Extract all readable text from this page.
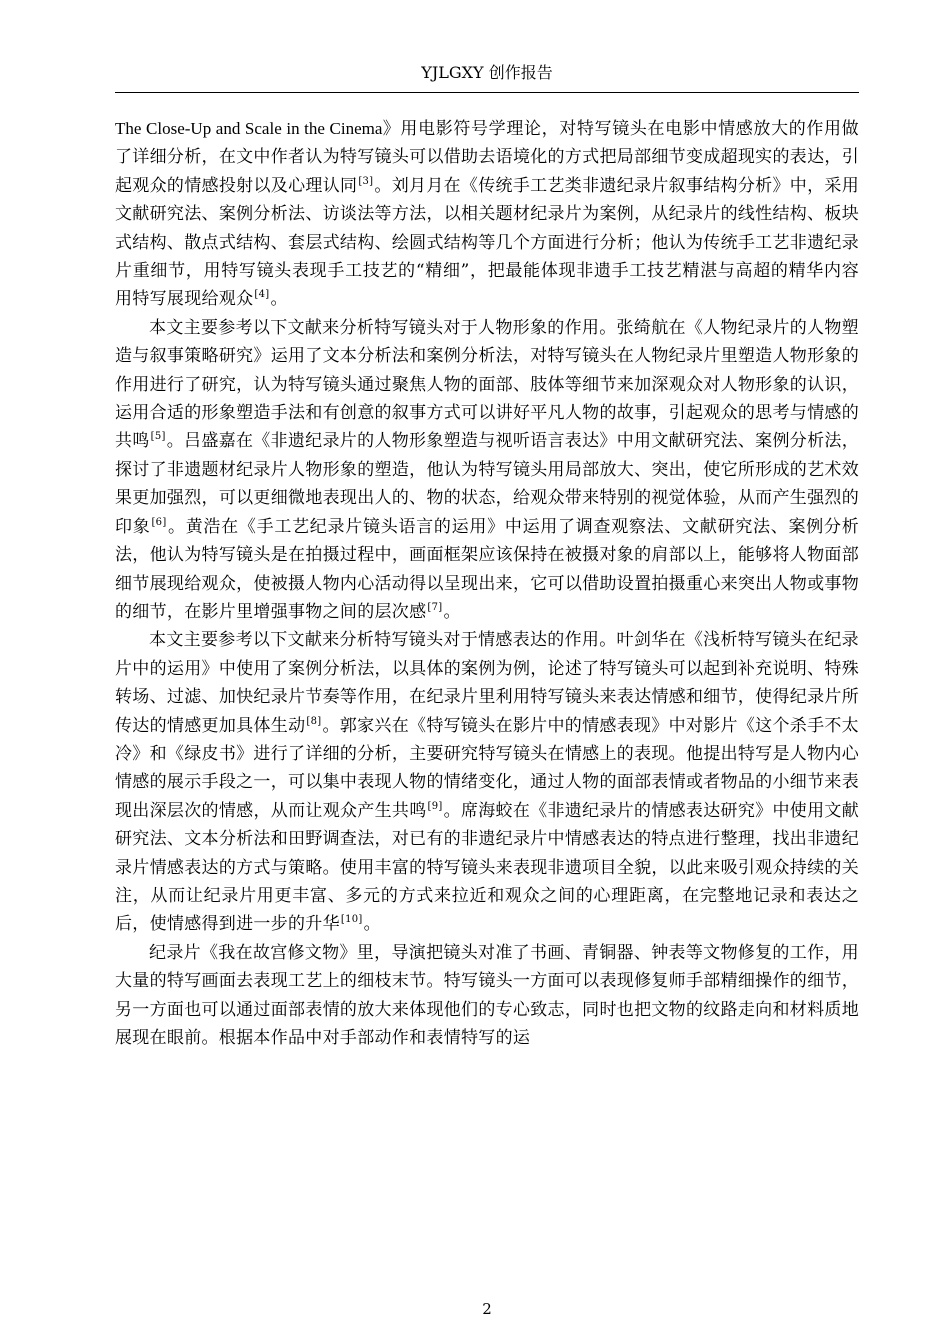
YJLGXY 创作报告

The Close-Up and Scale in the Cinema》用电影符号学理论，对特写镜头在电影中情感放大的作用做了详细分析，在文中作者认为特写镜头可以借助去语境化的方式把局部细节变成超现实的表达，引起观众的情感投射以及心理认同[3]。刘月月在《传统手工艺类非遗纪录片叙事结构分析》中，采用文献研究法、案例分析法、访谈法等方法，以相关题材纪录片为案例，从纪录片的线性结构、板块式结构、散点式结构、套层式结构、绘圆式结构等几个方面进行分析；他认为传统手工艺非遗纪录片重细节，用特写镜头表现手工技艺的“精细”，把最能体现非遗手工技艺精湛与高超的精华内容用特写展现给观众[4]。

本文主要参考以下文献来分析特写镜头对于人物形象的作用。张绮航在《人物纪录片的人物塑造与叙事策略研究》运用了文本分析法和案例分析法，对特写镜头在人物纪录片里塑造人物形象的作用进行了研究，认为特写镜头通过聚焦人物的面部、肢体等细节来加深观众对人物形象的认识，运用合适的形象塑造手法和有创意的叙事方式可以讲好平凡人物的故事，引起观众的思考与情感的共鸣[5]。吕盛嘉在《非遗纪录片的人物形象塑造与视听语言表达》中用文献研究法、案例分析法，探讨了非遗题材纪录片人物形象的塑造，他认为特写镜头用局部放大、突出，使它所形成的艺术效果更加强烈，可以更细微地表现出人的、物的状态，给观众带来特别的视觉体验，从而产生强烈的印象[6]。黄浩在《手工艺纪录片镜头语言的运用》中运用了调查观察法、文献研究法、案例分析法，他认为特写镜头是在拍摄过程中，画面框架应该保持在被摄对象的肩部以上，能够将人物面部细节展现给观众，使被摄人物内心活动得以呈现出来，它可以借助设置拍摄重心来突出人物或事物的细节，在影片里增强事物之间的层次感[7]。

本文主要参考以下文献来分析特写镜头对于情感表达的作用。叶剑华在《浅析特写镜头在纪录片中的运用》中使用了案例分析法，以具体的案例为例，论述了特写镜头可以起到补充说明、特殊转场、过滤、加快纪录片节奏等作用，在纪录片里利用特写镜头来表达情感和细节，使得纪录片所传达的情感更加具体生动[8]。郭家兴在《特写镜头在影片中的情感表现》中对影片《这个杀手不太冷》和《绿皮书》进行了详细的分析，主要研究特写镜头在情感上的表现。他提出特写是人物内心情感的展示手段之一，可以集中表现人物的情绪变化，通过人物的面部表情或者物品的小细节来表现出深层次的情感，从而让观众产生共鸣[9]。席海蛟在《非遗纪录片的情感表达研究》中使用文献研究法、文本分析法和田野调查法，对已有的非遗纪录片中情感表达的特点进行整理，找出非遗纪录片情感表达的方式与策略。使用丰富的特写镜头来表现非遗项目全貌，以此来吸引观众持续的关注，从而让纪录片用更丰富、多元的方式来拉近和观众之间的心理距离，在完整地记录和表达之后，使情感得到进一步的升华[10]。

纪录片《我在故宫修文物》里，导演把镜头对准了书画、青铜器、钟表等文物修复的工作，用大量的特写画面去表现工艺上的细枝末节。特写镜头一方面可以表现修复师手部精细操作的细节，另一方面也可以通过面部表情的放大来体现他们的专心致志，同时也把文物的纹路走向和材料质地展现在眼前。根据本作品中对手部动作和表情特写的运

2
